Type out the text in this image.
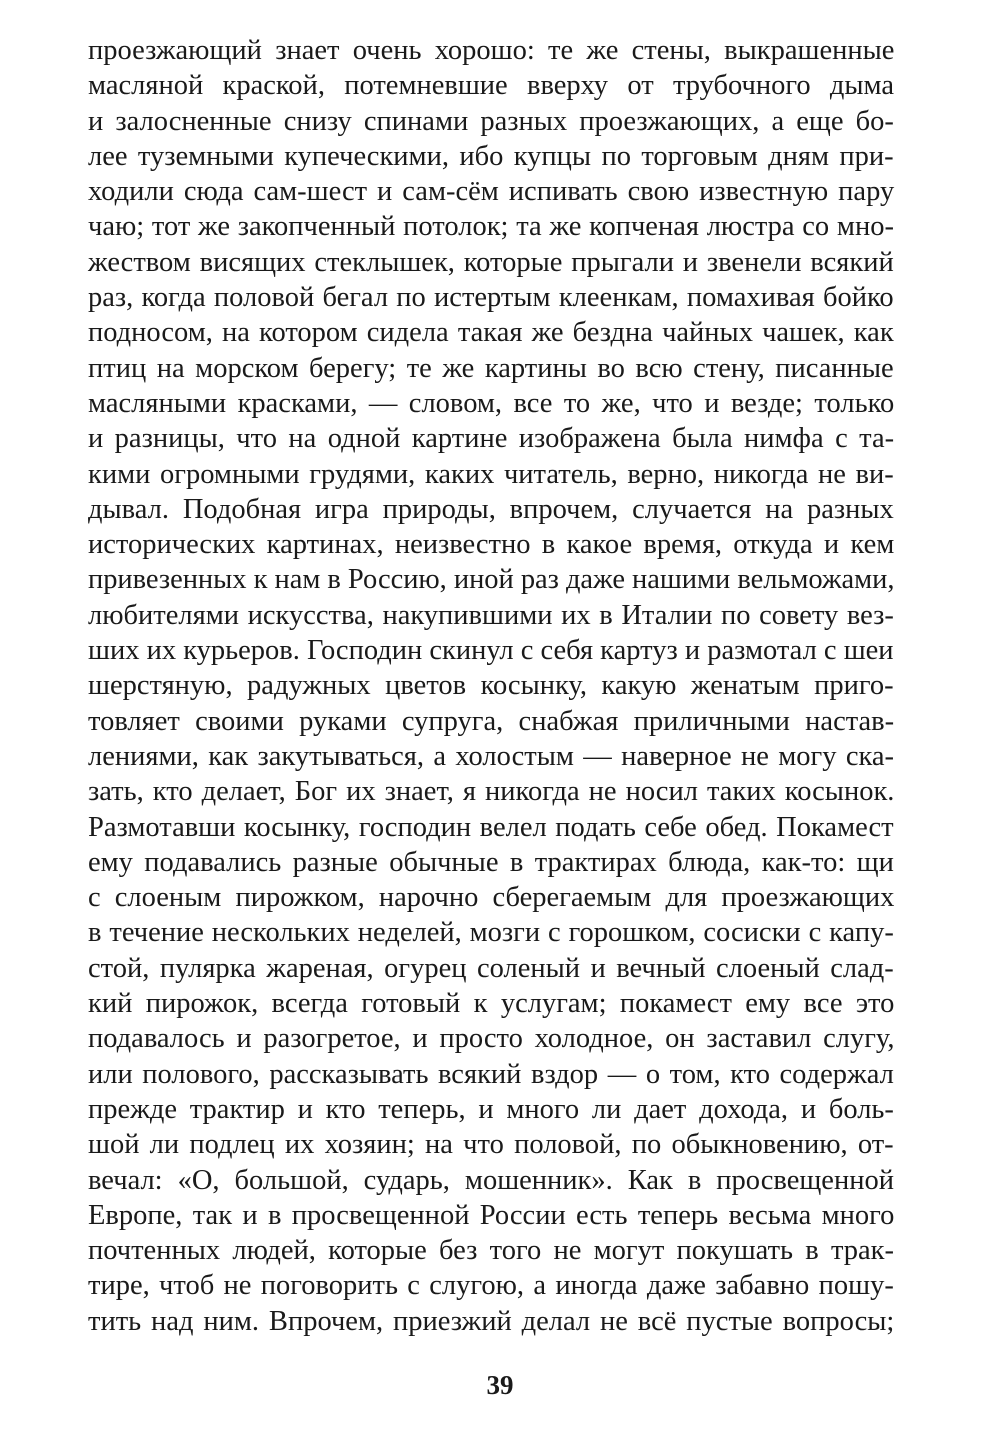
проезжающий знает очень хорошо: те же стены, выкрашенные
масляной краской, потемневшие вверху от трубочного дыма
и залосненные снизу спинами разных проезжающих, а еще бо-
лее туземными купеческими, ибо купцы по торговым дням при-
ходили сюда сам-шест и сам-сём испивать свою известную пару
чаю; тот же закопченный потолок; та же копченая люстра со мно-
жеством висящих стеклышек, которые прыгали и звенели всякий
раз, когда половой бегал по истертым клеенкам, помахивая бойко
подносом, на котором сидела такая же бездна чайных чашек, как
птиц на морском берегу; те же картины во всю стену, писанные
масляными красками, — словом, все то же, что и везде; только
и разницы, что на одной картине изображена была нимфа с та-
кими огромными грудями, каких читатель, верно, никогда не ви-
дывал. Подобная игра природы, впрочем, случается на разных
исторических картинах, неизвестно в какое время, откуда и кем
привезенных к нам в Россию, иной раз даже нашими вельможами,
любителями искусства, накупившими их в Италии по совету вез-
ших их курьеров. Господин скинул с себя картуз и размотал с шеи
шерстяную, радужных цветов косынку, какую женатым приго-
товляет своими руками супруга, снабжая приличными настав-
лениями, как закутываться, а холостым — наверное не могу ска-
зать, кто делает, Бог их знает, я никогда не носил таких косынок.
Размотавши косынку, господин велел подать себе обед. Покамест
ему подавались разные обычные в трактирах блюда, как-то: щи
с слоеным пирожком, нарочно сберегаемым для проезжающих
в течение нескольких неделей, мозги с горошком, сосиски с капу-
стой, пулярка жареная, огурец соленый и вечный слоеный слад-
кий пирожок, всегда готовый к услугам; покамест ему все это
подавалось и разогретое, и просто холодное, он заставил слугу,
или полового, рассказывать всякий вздор — о том, кто содержал
прежде трактир и кто теперь, и много ли дает дохода, и боль-
шой ли подлец их хозяин; на что половой, по обыкновению, от-
вечал: «О, большой, сударь, мошенник». Как в просвещенной
Европе, так и в просвещенной России есть теперь весьма много
почтенных людей, которые без того не могут покушать в трак-
тире, чтоб не поговорить с слугою, а иногда даже забавно пошу-
тить над ним. Впрочем, приезжий делал не всё пустые вопросы;
39
